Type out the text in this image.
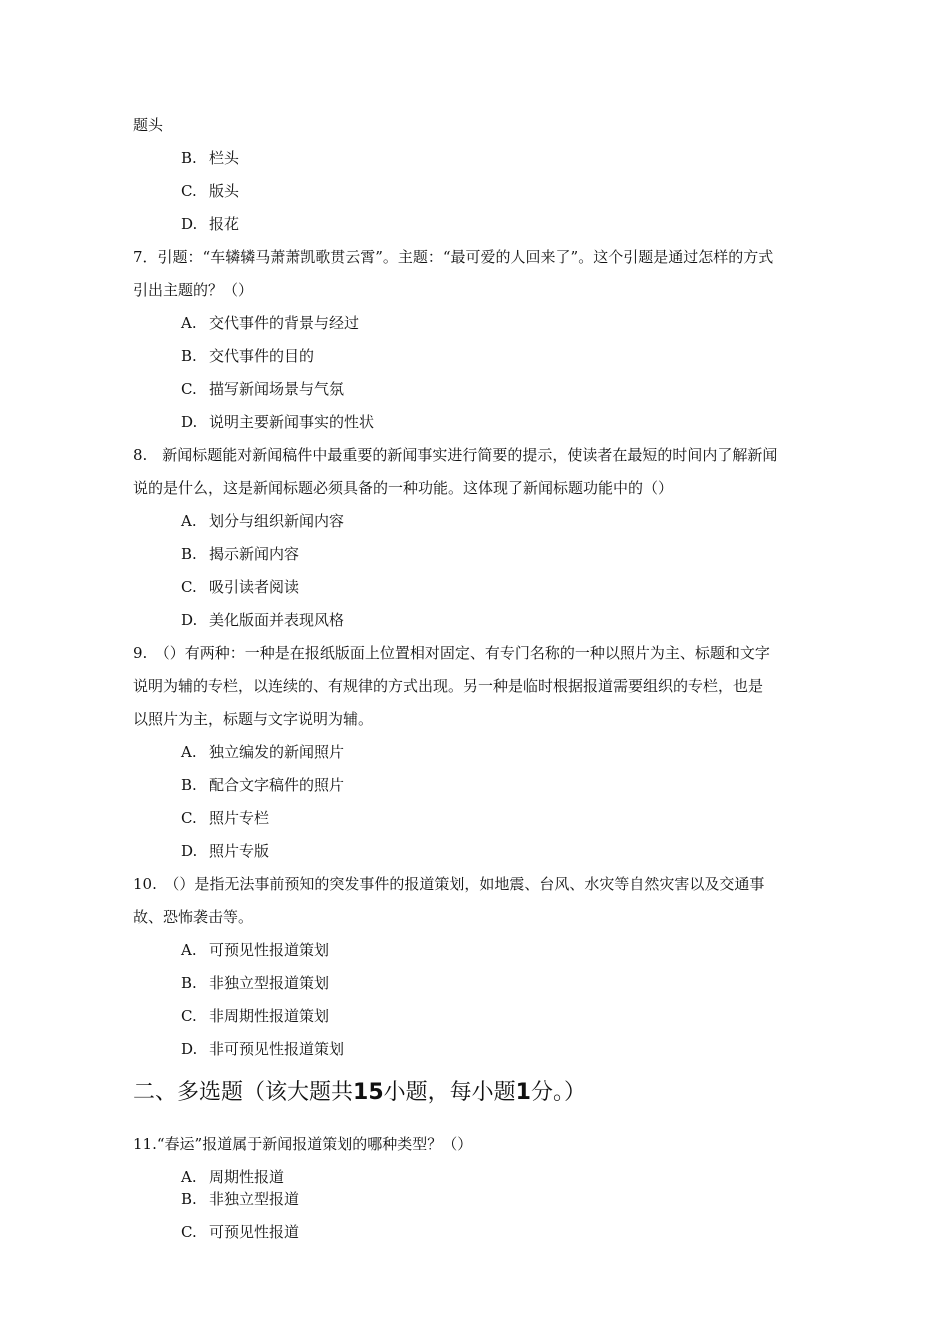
题头
B. 栏头
C. 版头
D. 报花
7．引题：“车辚辚马萧萧凯歌贯云霄”。主题：“最可爱的人回来了”。这个引题是通过怎样的方式
引出主题的？（）
A. 交代事件的背景与经过
B. 交代事件的目的
C. 描写新闻场景与气氛
D. 说明主要新闻事实的性状
8.　新闻标题能对新闻稿件中最重要的新闻事实进行简要的提示，使读者在最短的时间内了解新闻
说的是什么，这是新闻标题必须具备的一种功能。这体现了新闻标题功能中的（）
A. 划分与组织新闻内容
B. 揭示新闻内容
C. 吸引读者阅读
D. 美化版面并表现风格
9.　（）有两种：一种是在报纸版面上位置相对固定、有专门名称的一种以照片为主、标题和文字
说明为辅的专栏，以连续的、有规律的方式出现。另一种是临时根据报道需要组织的专栏，也是
以照片为主，标题与文字说明为辅。
A. 独立编发的新闻照片
B. 配合文字稿件的照片
C. 照片专栏
D. 照片专版
10.　（）是指无法事前预知的突发事件的报道策划，如地震、台风、水灾等自然灾害以及交通事
故、恐怖袭击等。
A. 可预见性报道策划
B. 非独立型报道策划
C. 非周期性报道策划
D. 非可预见性报道策划
二、多选题（该大题共15小题，每小题1分。）
11.“春运”报道属于新闻报道策划的哪种类型？（）
A. 周期性报道
B. 非独立型报道
C. 可预见性报道
